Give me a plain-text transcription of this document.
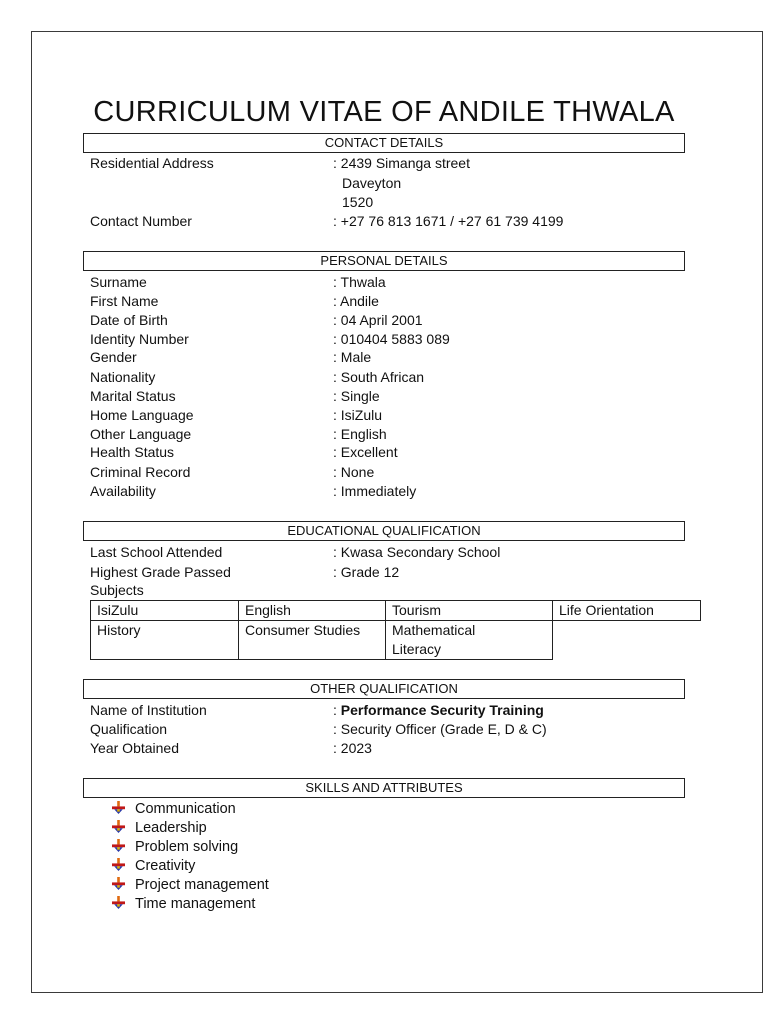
CURRICULUM VITAE OF ANDILE THWALA
CONTACT DETAILS
Residential Address	: 2439 Simanga street
Daveyton
1520
Contact Number	: +27 76 813 1671 / +27 61 739 4199
PERSONAL DETAILS
Surname	: Thwala
First Name	: Andile
Date of Birth	: 04 April 2001
Identity Number	: 010404 5883 089
Gender	: Male
Nationality	: South African
Marital Status	: Single
Home Language	: IsiZulu
Other Language	: English
Health Status	: Excellent
Criminal Record	: None
Availability	: Immediately
EDUCATIONAL QUALIFICATION
Last School Attended	: Kwasa Secondary School
Highest Grade Passed	: Grade 12
Subjects
IsiZulu	English	Tourism	Life Orientation
History	Consumer Studies	Mathematical Literacy	
OTHER QUALIFICATION
Name of Institution	: Performance Security Training
Qualification	: Security Officer (Grade E, D & C)
Year Obtained	: 2023
SKILLS AND ATTRIBUTES
Communication
Leadership
Problem solving
Creativity
Project management
Time management
